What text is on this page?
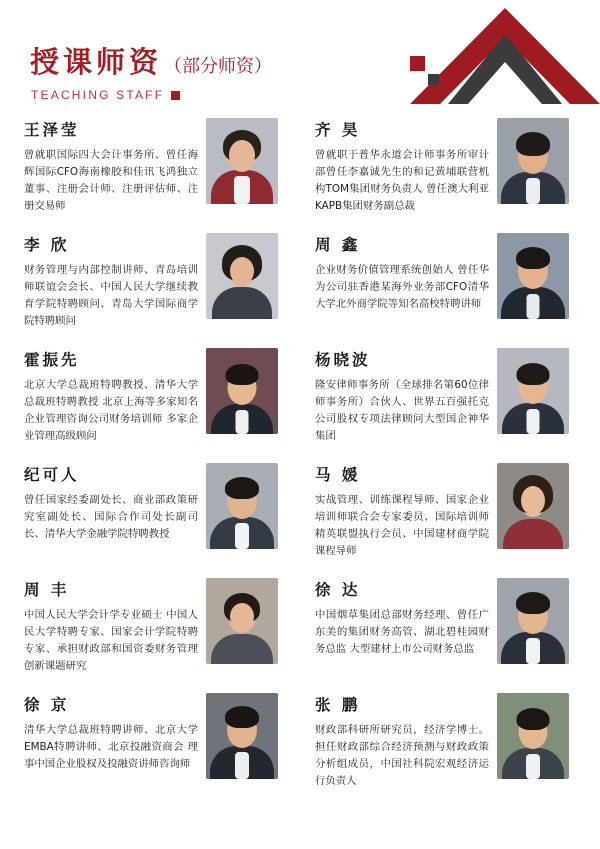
授课师资 （部分师资）
TEACHING STAFF
王泽莹
曾就职国际四大会计事务所、曾任海辉国际CFO海南橡胶和佳讯飞鸿独立董事、注册会计师、注册评估师、注册交易师
齐 昊
曾就职于普华永道会计师事务所审计部曾任李嘉诚先生的和记黄埔联营机构TOM集团财务负责人 曾任澳大利亚KAPB集团财务副总裁
李 欣
财务管理与内部控制讲师、青岛培训师联谊会会长、中国人民大学继续教育学院特聘顾问、青岛大学国际商学院特聘顾问
周 鑫
企业财务价值管理系统创始人 曾任华为公司驻香港某海外业务部CFO清华大学北外商学院等知名高校特聘讲师
霍振先
北京大学总裁班特聘教授、清华大学总裁班特聘教授 北京上海等多家知名企业管理咨询公司财务培训师 多家企业管理高级顾问
杨晓波
隆安律师事务所（全球排名第60位律师事务所）合伙人、世界五百强托克公司股权专项法律顾问大型国企神华集团
纪可人
曾任国家经委副处长、商业部政策研究室副处长、国际合作司处长副司长、清华大学金融学院特聘教授
马 媛
实战管理、训练课程导师、国家企业培训师联合会专家委员、国际培训师精英联盟执行会员、中国建材商学院课程导师
周 丰
中国人民大学会计学专业硕士 中国人民大学特聘专家、国家会计学院特聘专家、承担财政部和国资委财务管理创新课题研究
徐 达
中国烟草集团总部财务经理、曾任广东美的集团财务高管、湖北碧桂园财务总监 大型建材上市公司财务总监
徐 京
清华大学总裁班特聘讲师、北京大学EMBA特聘讲师、北京投融资商会 理事中国企业股权及投融资讲师咨询师
张 鹏
财政部科研所研究员，经济学博士。担任财政部综合经济预测与财政政策分析组成员，中国社科院宏观经济运行负责人
